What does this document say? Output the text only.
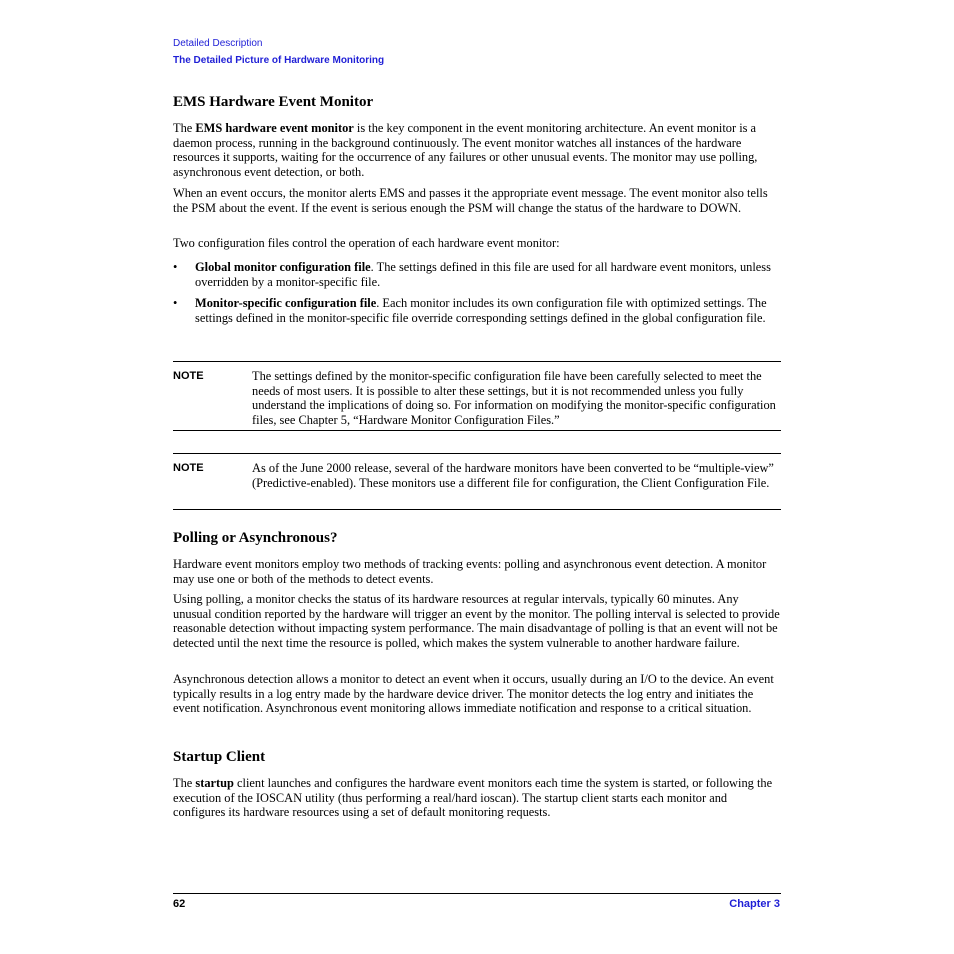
Detailed Description
The Detailed Picture of Hardware Monitoring
EMS Hardware Event Monitor

The EMS hardware event monitor is the key component in the event monitoring architecture. An event monitor is a daemon process, running in the background continuously. The event monitor watches all instances of the hardware resources it supports, waiting for the occurrence of any failures or other unusual events. The monitor may use polling, asynchronous event detection, or both.

When an event occurs, the monitor alerts EMS and passes it the appropriate event message. The event monitor also tells the PSM about the event. If the event is serious enough the PSM will change the status of the hardware to DOWN.

Two configuration files control the operation of each hardware event monitor:

• Global monitor configuration file. The settings defined in this file are used for all hardware event monitors, unless overridden by a monitor-specific file.
• Monitor-specific configuration file. Each monitor includes its own configuration file with optimized settings. The settings defined in the monitor-specific file override corresponding settings defined in the global configuration file.
NOTE	The settings defined by the monitor-specific configuration file have been carefully selected to meet the needs of most users. It is possible to alter these settings, but it is not recommended unless you fully understand the implications of doing so. For information on modifying the monitor-specific configuration files, see Chapter 5, “Hardware Monitor Configuration Files.”

NOTE	As of the June 2000 release, several of the hardware monitors have been converted to be “multiple-view” (Predictive-enabled). These monitors use a different file for configuration, the Client Configuration File.

Polling or Asynchronous?

Hardware event monitors employ two methods of tracking events: polling and asynchronous event detection. A monitor may use one or both of the methods to detect events.

Using polling, a monitor checks the status of its hardware resources at regular intervals, typically 60 minutes. Any unusual condition reported by the hardware will trigger an event by the monitor. The polling interval is selected to provide reasonable detection without impacting system performance. The main disadvantage of polling is that an event will not be detected until the next time the resource is polled, which makes the system vulnerable to another hardware failure.

Asynchronous detection allows a monitor to detect an event when it occurs, usually during an I/O to the device. An event typically results in a log entry made by the hardware device driver. The monitor detects the log entry and initiates the event notification. Asynchronous event monitoring allows immediate notification and response to a critical situation.

Startup Client

The startup client launches and configures the hardware event monitors each time the system is started, or following the execution of the IOSCAN utility (thus performing a real/hard ioscan). The startup client starts each monitor and configures its hardware resources using a set of default monitoring requests.

62	Chapter 3
